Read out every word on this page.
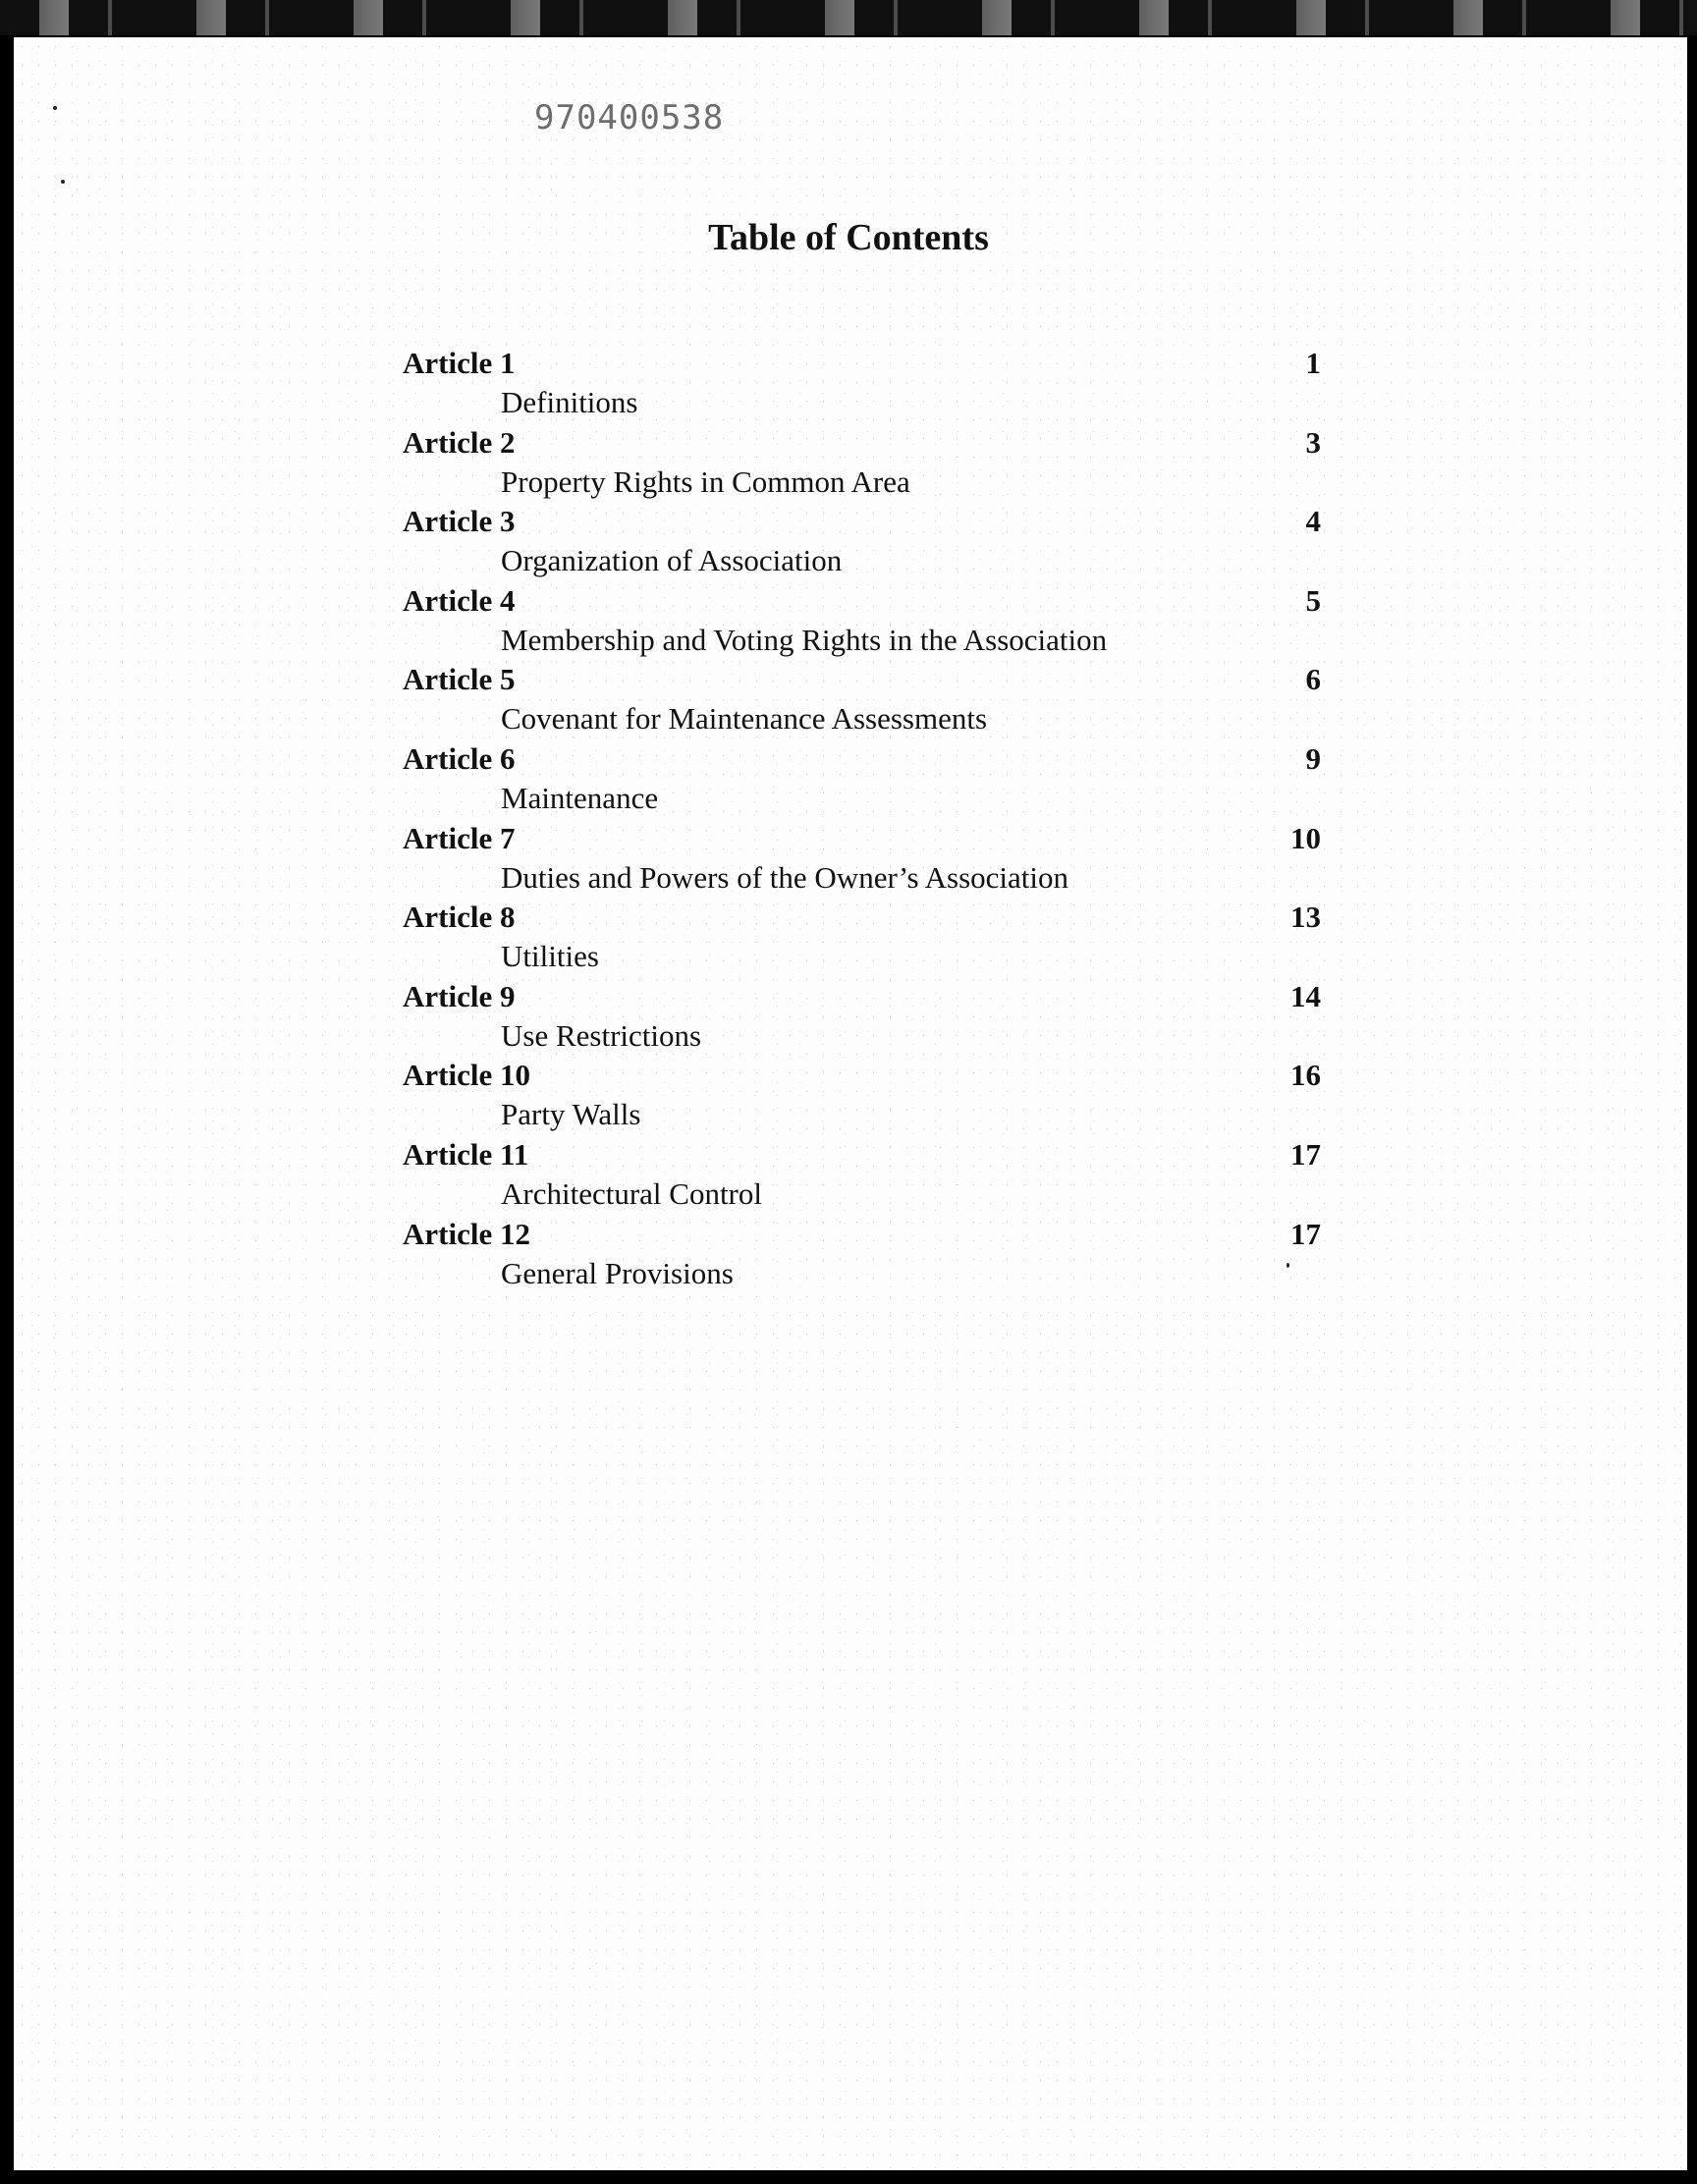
970400538
Table of Contents
Article 1	1
Definitions
Article 2	3
Property Rights in Common Area
Article 3	4
Organization of Association
Article 4	5
Membership and Voting Rights in the Association
Article 5	6
Covenant for Maintenance Assessments
Article 6	9
Maintenance
Article 7	10
Duties and Powers of the Owner’s Association
Article 8	13
Utilities
Article 9	14
Use Restrictions
Article 10	16
Party Walls
Article 11	17
Architectural Control
Article 12	17
General Provisions
